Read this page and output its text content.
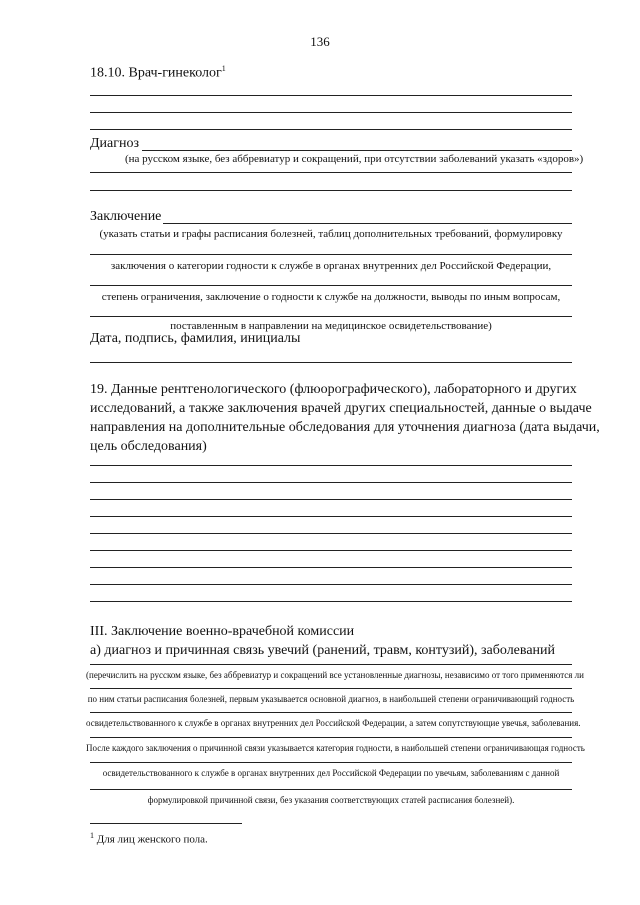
136
18.10. Врач-гинеколог$^1$
Диагноз
(на русском языке, без аббревиатур и сокращений, при отсутствии заболеваний указать «здоров»)
Заключение
(указать статьи и графы расписания болезней, таблиц дополнительных требований, формулировку
заключения о категории годности к службе в органах внутренних дел Российской Федерации,
степень ограничения, заключение о годности к службе на должности, выводы по иным вопросам,
поставленным в направлении на медицинское освидетельствование)
Дата, подпись, фамилия, инициалы
19. Данные рентгенологического (флюорографического), лабораторного и других
исследований, а также заключения врачей других специальностей, данные о выдаче
направления на дополнительные обследования для уточнения диагноза (дата выдачи,
цель обследования)
III. Заключение военно-врачебной комиссии
а) диагноз и причинная связь увечий (ранений, травм, контузий), заболеваний
(перечислить на русском языке, без аббревиатур и сокращений все установленные диагнозы, независимо от того применяются ли
по ним статьи расписания болезней, первым указывается основной диагноз, в наибольшей степени ограничивающий годность
освидетельствованного к службе в органах внутренних дел Российской Федерации, а затем сопутствующие увечья, заболевания.
После каждого заключения о причинной связи указывается категория годности, в наибольшей степени ограничивающая годность
освидетельствованного к службе в органах внутренних дел Российской Федерации по увечьям, заболеваниям с данной
формулировкой причинной связи, без указания соответствующих статей расписания болезней).
$^1$ Для лиц женского пола.
